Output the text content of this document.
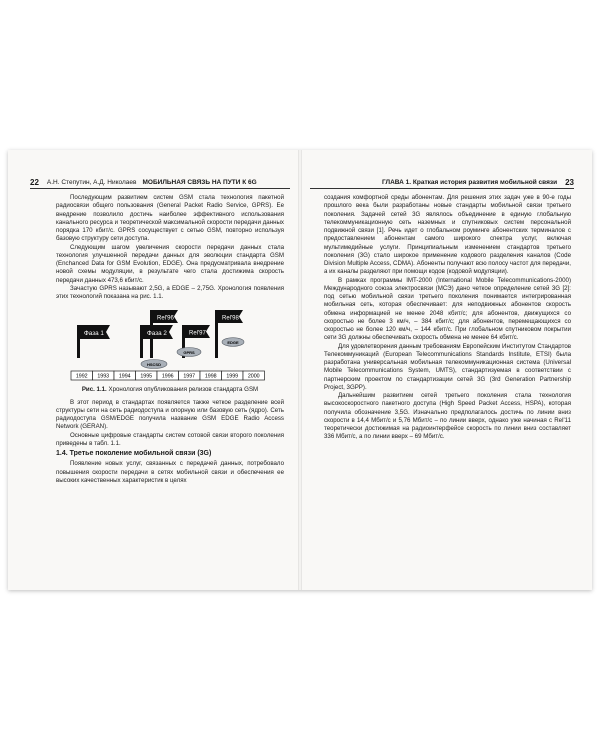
22 А.Н. Степутин, А.Д. Николаев МОБИЛЬНАЯ СВЯЗЬ НА ПУТИ К 6G

Последующим развитием систем GSM стала технология пакетной радиосвязи общего пользования (General Packet Radio Service, GPRS). Ее внедрение позволило достичь наиболее эффективного использования канального ресурса и теоретической максимальной скорости передачи данных порядка 170 кбит/с. GPRS сосуществует с сетью GSM, повторно используя базовую структуру сети доступа.

Следующим шагом увеличения скорости передачи данных стала технология улучшенной передачи данных для эволюции стандарта GSM (Enchanced Data for GSM Evolution, EDGE). Она предусматривала внедрение новой схемы модуляции, в результате чего стала достижима скорость передачи данных 473,6 кбит/с.

Зачастую GPRS называют 2,5G, а EDGE – 2,75G. Хронология появления этих технологий показана на рис. 1.1.

Rel'96	Rel'98
Rel'97
Фаза 1	Фаза 2
HSCSD
GPRS
EDGE
1992 1993 1994 1995 1996 1997 1998 1999 2000
Рис. 1.1. Хронология опубликования релизов стандарта GSM

В этот период в стандартах появляется также четкое разделение всей структуры сети на сеть радиодоступа и опорную или базовую сеть (ядро). Сеть радиодоступа GSM/EDGE получила название GSM EDGE Radio Access Network (GERAN).

Основные цифровые стандарты систем сотовой связи второго поколения приведены в табл. 1.1.

1.4. Третье поколение мобильной связи (3G)

Появление новых услуг, связанных с передачей данных, потребовало повышения скорости передачи в сетях мобильной связи и обеспечения ее высоких качественных характеристик в целях

ГЛАВА 1. Краткая история развития мобильной связи 23

создания комфортной среды абонентам. Для решения этих задач уже в 90-е годы прошлого века были разработаны новые стандарты мобильной связи третьего поколения. Задачей сетей 3G являлось объединение в единую глобальную телекоммуникационную сеть наземных и спутниковых систем персональной подвижной связи [1]. Речь идет о глобальном роуминге абонентских терминалов с предоставлением абонентам самого широкого спектра услуг, включая мультимедийные услуги. Принципиальным изменением стандартов третьего поколения (3G) стало широкое применение кодового разделения каналов (Code Division Multiple Access, CDMA). Абоненты получают всю полосу частот для передачи, а их каналы разделяют при помощи кодов (кодовой модуляции).

В рамках программы IMT-2000 (International Mobile Telecommunications-2000) Международного союза электросвязи (МСЭ) дано четкое определение сетей 3G [2]: под сетью мобильной связи третьего поколения понимается интегрированная мобильная сеть, которая обеспечивает: для неподвижных абонентов скорость обмена информацией не менее 2048 кбит/с; для абонентов, движущихся со скоростью не более 3 км/ч, – 384 кбит/с; для абонентов, перемещающихся со скоростью не более 120 км/ч, – 144 кбит/с. При глобальном спутниковом покрытии сети 3G должны обеспечивать скорость обмена не менее 64 кбит/с.

Для удовлетворения данным требованиям Европейским Институтом Стандартов Телекоммуникаций (European Telecommunications Standards Institute, ETSI) была разработана универсальная мобильная телекоммуникационная система (Universal Mobile Telecommunications System, UMTS), стандартизуемая в соответствии с партнерским проектом по стандартизации сетей 3G (3rd Generation Partnership Project, 3GPP).

Дальнейшим развитием сетей третьего поколения стала технология высокоскоростного пакетного доступа (High Speed Packet Access, HSPA), которая получила обозначение 3,5G. Изначально предполагалось достичь по линии вниз скорости в 14,4 Мбит/с и 5,76 Мбит/с – по линии вверх, однако уже начиная с Rel'11 теоретически достижимая на радиоинтерфейсе скорость по линии вниз составляет 336 Мбит/с, а по линии вверх – 69 Мбит/с.
